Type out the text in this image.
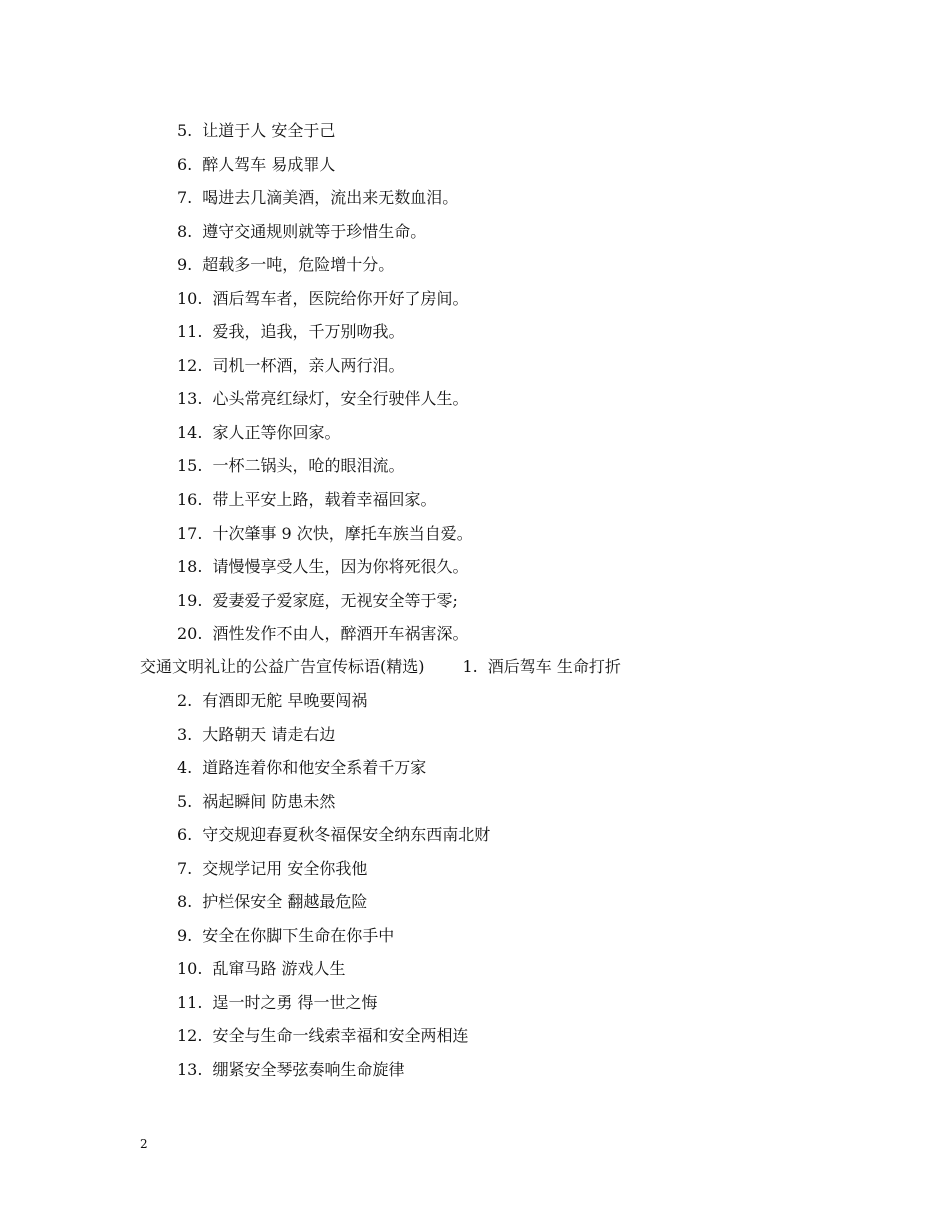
5. 让道于人 安全于己
6. 醉人驾车 易成罪人
7. 喝进去几滴美酒，流出来无数血泪。
8. 遵守交通规则就等于珍惜生命。
9. 超载多一吨，危险增十分。
10. 酒后驾车者，医院给你开好了房间。
11. 爱我，追我，千万别吻我。
12. 司机一杯酒，亲人两行泪。
13. 心头常亮红绿灯，安全行驶伴人生。
14. 家人正等你回家。
15. 一杯二锅头，呛的眼泪流。
16. 带上平安上路，载着幸福回家。
17. 十次肇事 9 次快，摩托车族当自爱。
18. 请慢慢享受人生，因为你将死很久。
19. 爱妻爱子爱家庭，无视安全等于零;
20. 酒性发作不由人，醉酒开车祸害深。
交通文明礼让的公益广告宣传标语(精选) 1. 酒后驾车 生命打折
2. 有酒即无舵 早晚要闯祸
3. 大路朝天 请走右边
4. 道路连着你和他安全系着千万家
5. 祸起瞬间 防患未然
6. 守交规迎春夏秋冬福保安全纳东西南北财
7. 交规学记用 安全你我他
8. 护栏保安全 翻越最危险
9. 安全在你脚下生命在你手中
10. 乱窜马路 游戏人生
11. 逞一时之勇 得一世之悔
12. 安全与生命一线索幸福和安全两相连
13. 绷紧安全琴弦奏响生命旋律
2
